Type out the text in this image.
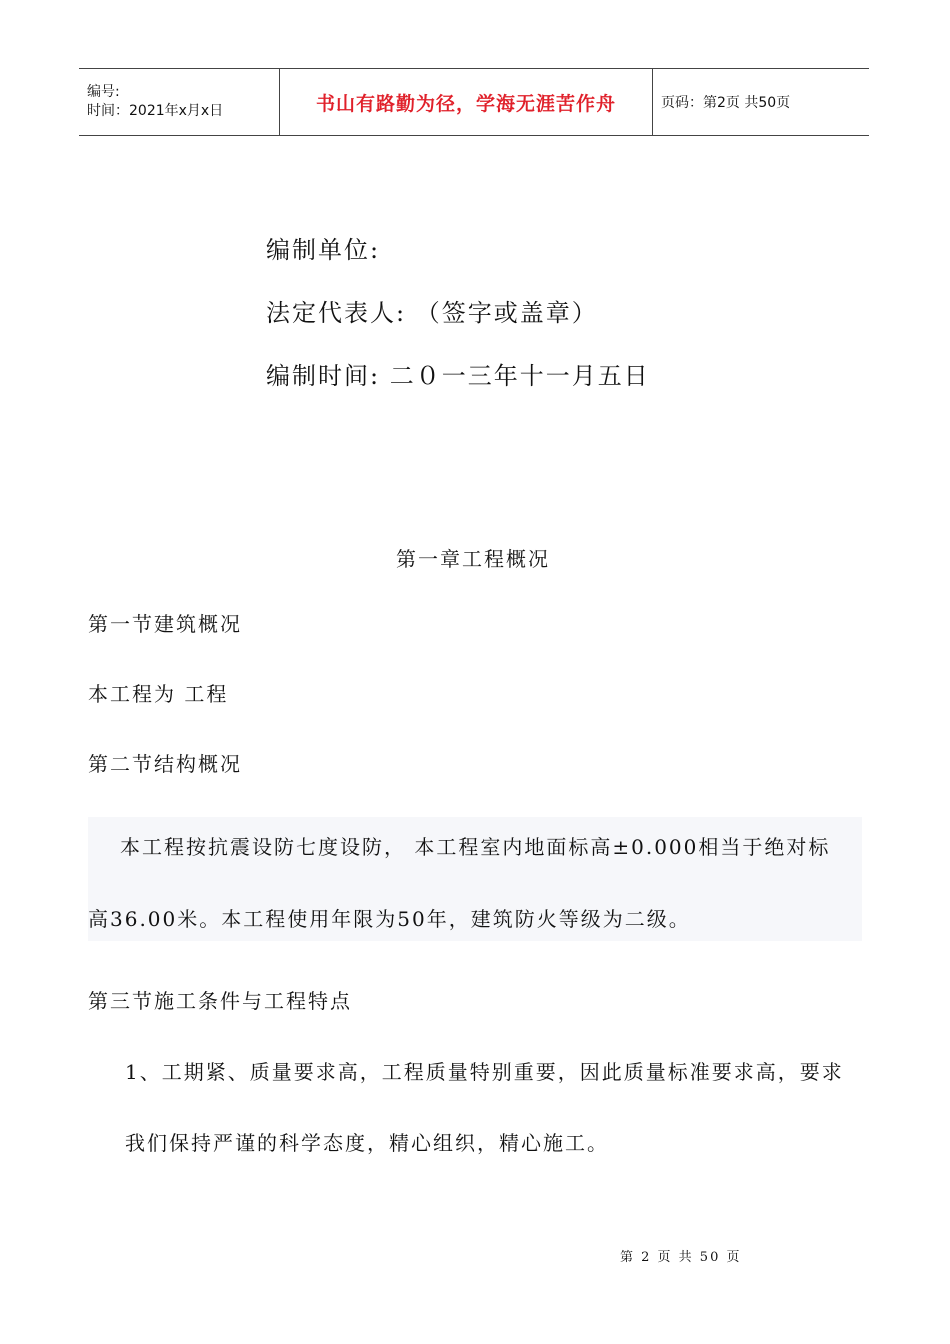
编号:
时间：2021年x月x日	书山有路勤为径，学海无涯苦作舟	页码：第2页 共50页
编制单位:
法定代表人: （签字或盖章）
编制时间: 二０一三年十一月五日
第一章工程概况
第一节建筑概况
本工程为 工程
第二节结构概况
本工程按抗震设防七度设防， 本工程室内地面标高±0.000相当于绝对标
高36.00米。本工程使用年限为50年，建筑防火等级为二级。
第三节施工条件与工程特点
1、工期紧、质量要求高，工程质量特别重要，因此质量标准要求高，要求
我们保持严谨的科学态度，精心组织，精心施工。
第 2 页 共 50 页
